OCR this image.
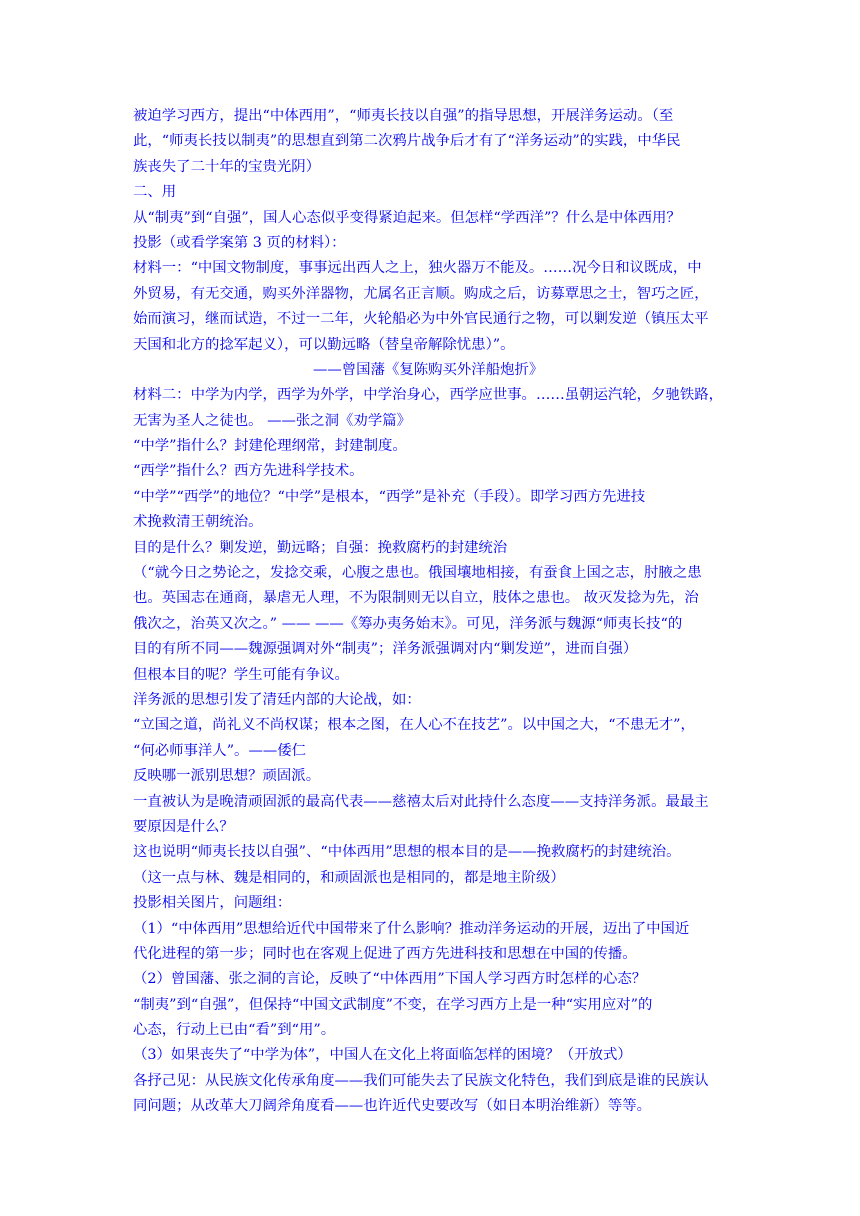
被迫学习西方，提出“中体西用”，“师夷长技以自强”的指导思想，开展洋务运动。（至
此，“师夷长技以制夷”的思想直到第二次鸦片战争后才有了“洋务运动”的实践，中华民
族丧失了二十年的宝贵光阴）
二、用
从“制夷”到“自强”，国人心态似乎变得紧迫起来。但怎样“学西洋”？什么是中体西用？
投影（或看学案第 3 页的材料）：
材料一：“中国文物制度，事事远出西人之上，独火器万不能及。……况今日和议既成，中
外贸易，有无交通，购买外洋器物，尤属名正言顺。购成之后，访募覃思之士，智巧之匠，
始而演习，继而试造，不过一二年，火轮船必为中外官民通行之物，可以剿发逆（镇压太平
天国和北方的捻军起义），可以勤远略（替皇帝解除忧患）”。
——曾国藩《复陈购买外洋船炮折》
材料二：中学为内学，西学为外学，中学治身心，西学应世事。……虽朝运汽轮，夕驰铁路，
无害为圣人之徒也。 ——张之洞《劝学篇》
“中学”指什么？封建伦理纲常，封建制度。
“西学”指什么？西方先进科学技术。
“中学”“西学”的地位？“中学”是根本，“西学”是补充（手段）。即学习西方先进技
术挽救清王朝统治。
目的是什么？剿发逆，勤远略；自强：挽救腐朽的封建统治
（“就今日之势论之，发捻交乘，心腹之患也。俄国壤地相接，有蚕食上国之志，肘腋之患
也。英国志在通商，暴虐无人理，不为限制则无以自立，肢体之患也。 故灭发捻为先，治
俄次之，治英又次之。” —— ——《筹办夷务始末》。可见，洋务派与魏源“师夷长技“的
目的有所不同——魏源强调对外“制夷”；洋务派强调对内“剿发逆”，进而自强）
但根本目的呢？学生可能有争议。
洋务派的思想引发了清廷内部的大论战，如：
“立国之道，尚礼义不尚权谋；根本之图，在人心不在技艺”。以中国之大，“不患无才”，
“何必师事洋人”。——倭仁
反映哪一派别思想？顽固派。
一直被认为是晚清顽固派的最高代表——慈禧太后对此持什么态度——支持洋务派。最最主
要原因是什么？
这也说明“师夷长技以自强”、“中体西用”思想的根本目的是——挽救腐朽的封建统治。
（这一点与林、魏是相同的，和顽固派也是相同的，都是地主阶级）
投影相关图片，问题组：
（1）“中体西用”思想给近代中国带来了什么影响？推动洋务运动的开展，迈出了中国近
代化进程的第一步；同时也在客观上促进了西方先进科技和思想在中国的传播。
（2）曾国藩、张之洞的言论，反映了“中体西用”下国人学习西方时怎样的心态？
“制夷”到“自强”，但保持“中国文武制度”不变，在学习西方上是一种“实用应对”的
心态，行动上已由“看”到“用”。
（3）如果丧失了“中学为体”，中国人在文化上将面临怎样的困境？（开放式）
各抒己见：从民族文化传承角度——我们可能失去了民族文化特色，我们到底是谁的民族认
同问题；从改革大刀阔斧角度看——也许近代史要改写（如日本明治维新）等等。
